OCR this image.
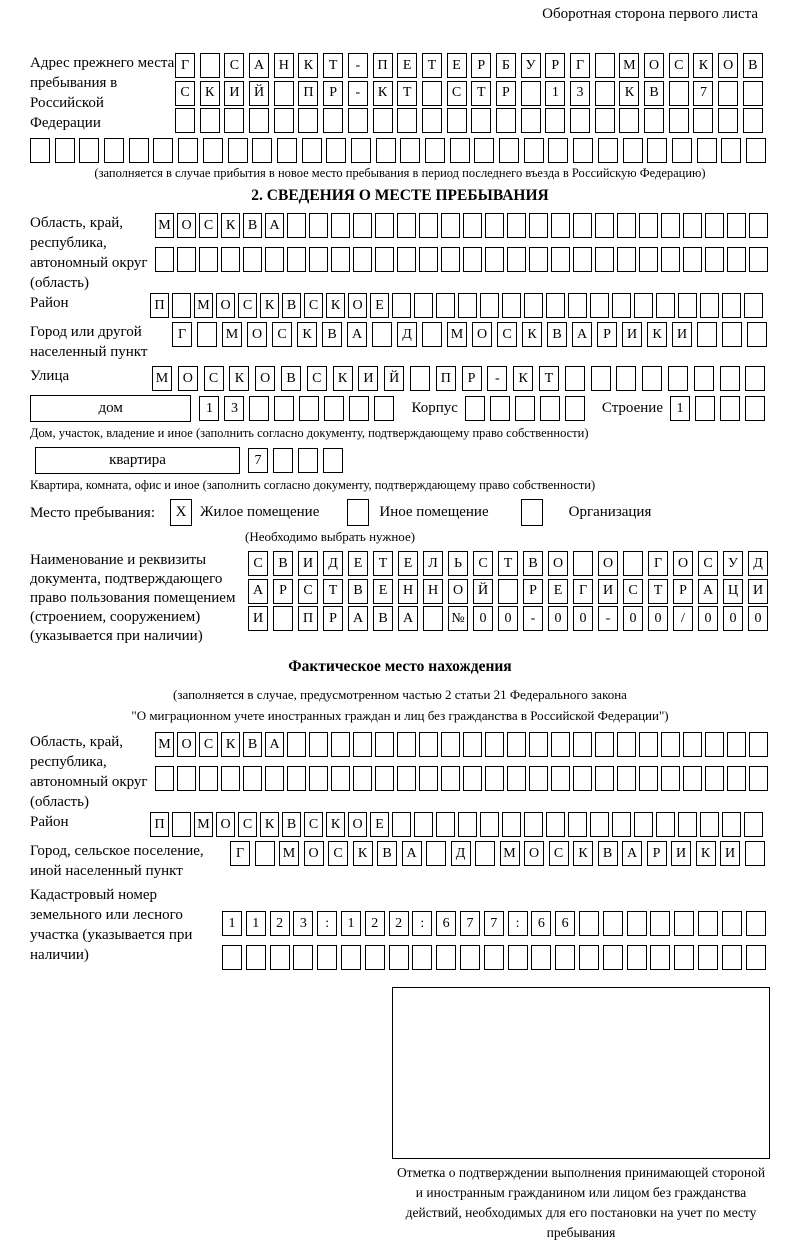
Оборотная сторона первого листа
Адрес прежнего места пребывания в Российской Федерации
Г	С	А	Н	К	Т	-	П	Е	Т	Е	Р	Б	У	Р	Г	М О	С	К	О	В
С	К	И	Й	П	Р	-	К	Т	С	Т	Р	1	3	К	В	7
(заполняется в случае прибытия в новое место пребывания в период последнего въезда в Российскую Федерацию)
2. СВЕДЕНИЯ О МЕСТЕ ПРЕБЫВАНИЯ
Область, край, республика, автономный округ (область)
М О С К В А
Район	П	М О С К В С К О Е
Город или другой населенный пункт
Г	М О	С	К	В	А	Д	М О	С	К	В	А	Р	И	К	И
Улица	М	О	С	К	О	В	С	К	И	Й	П	Р	-	К	Т
дом	1	3	Корпус	Строение 1
Дом, участок, владение и иное (заполнить согласно документу, подтверждающему право собственности)
квартира	7
Квартира, комната, офис и иное (заполнить согласно документу, подтверждающему право собственности)
Место пребывания:	X Жилое помещение	Иное помещение	Организация
(Необходимо выбрать нужное)
Наименование и реквизиты документа, подтверждающего право пользования помещением (строением, сооружением) (указывается при наличии)
С	В	И	Д	Е	Т	Е	Л	Ь	С	Т	В	О	О	Г	О	С	У	Д
А	Р	С	Т	В	Е	Н	Н	О	Й	Р	Е	Г	И	С	Т	Р	А	Ц	И
И	П	Р	А	В	А	№	0	0	-	0	0	-	0	0	/	0	0	0
Фактическое место нахождения
(заполняется в случае, предусмотренном частью 2 статьи 21 Федерального закона
"О миграционном учете иностранных граждан и лиц без гражданства в Российской Федерации")
Область, край, республика, автономный округ (область)
М О С К В А
Район	П	М О С К В С К О Е
Город, сельское поселение, иной населенный пункт
Г	М О	С	К	В	А	Д	М О	С	К	В	А	Р	И	К	И
Кадастровый номер земельного или лесного участка (указывается при наличии)
1	1	2	3	:	1	2	2	:	6	7	7	:	6	6
Отметка о подтверждении выполнения принимающей стороной и иностранным гражданином или лицом без гражданства действий, необходимых для его постановки на учет по месту пребывания
